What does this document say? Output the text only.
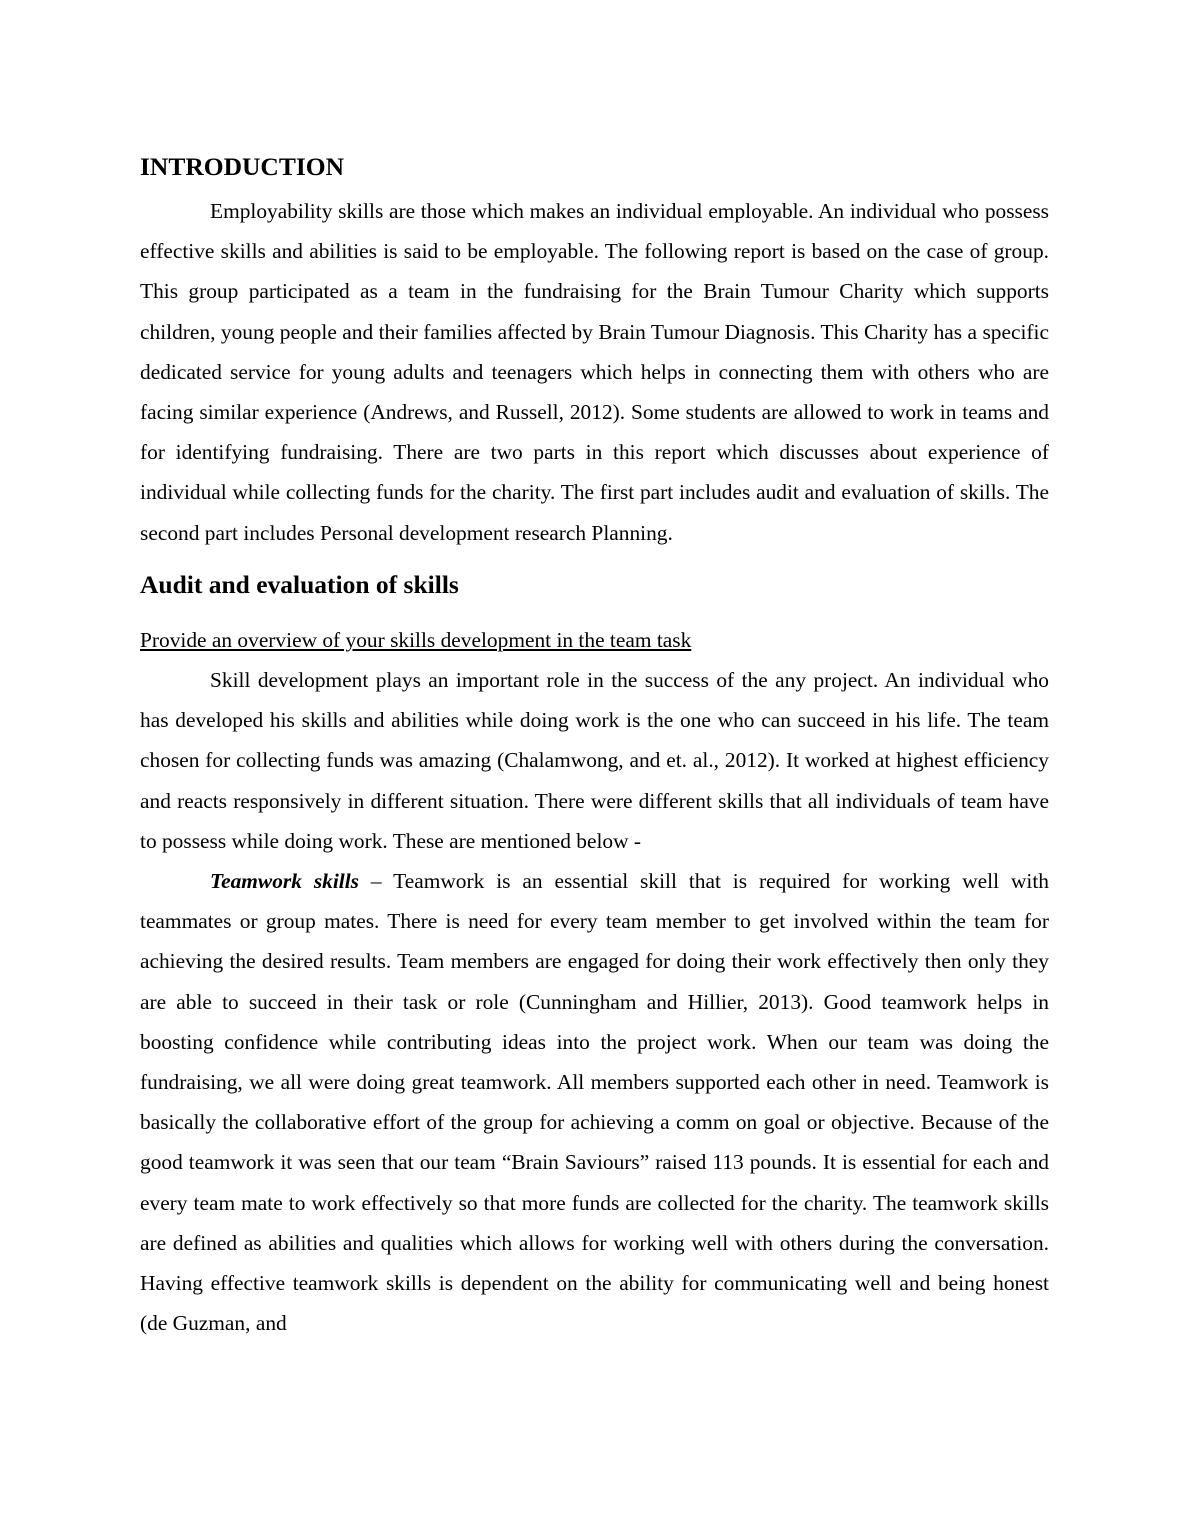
INTRODUCTION

Employability skills are those which makes an individual employable. An individual who possess effective skills and abilities is said to be employable. The following report is based on the case of group. This group participated as a team in the fundraising for the Brain Tumour Charity which supports children, young people and their families affected by Brain Tumour Diagnosis. This Charity has a specific dedicated service for young adults and teenagers which helps in connecting them with others who are facing similar experience (Andrews, and Russell, 2012). Some students are allowed to work in teams and for identifying fundraising. There are two parts in this report which discusses about experience of individual while collecting funds for the charity. The first part includes audit and evaluation of skills. The second part includes Personal development research Planning.

Audit and evaluation of skills

Provide an overview of your skills development in the team task

Skill development plays an important role in the success of the any project. An individual who has developed his skills and abilities while doing work is the one who can succeed in his life. The team chosen for collecting funds was amazing (Chalamwong, and et. al., 2012). It worked at highest efficiency and reacts responsively in different situation. There were different skills that all individuals of team have to possess while doing work. These are mentioned below -

Teamwork skills – Teamwork is an essential skill that is required for working well with teammates or group mates. There is need for every team member to get involved within the team for achieving the desired results. Team members are engaged for doing their work effectively then only they are able to succeed in their task or role (Cunningham and Hillier, 2013). Good teamwork helps in boosting confidence while contributing ideas into the project work. When our team was doing the fundraising, we all were doing great teamwork. All members supported each other in need. Teamwork is basically the collaborative effort of the group for achieving a comm on goal or objective. Because of the good teamwork it was seen that our team “Brain Saviours” raised 113 pounds. It is essential for each and every team mate to work effectively so that more funds are collected for the charity. The teamwork skills are defined as abilities and qualities which allows for working well with others during the conversation. Having effective teamwork skills is dependent on the ability for communicating well and being honest (de Guzman, and
